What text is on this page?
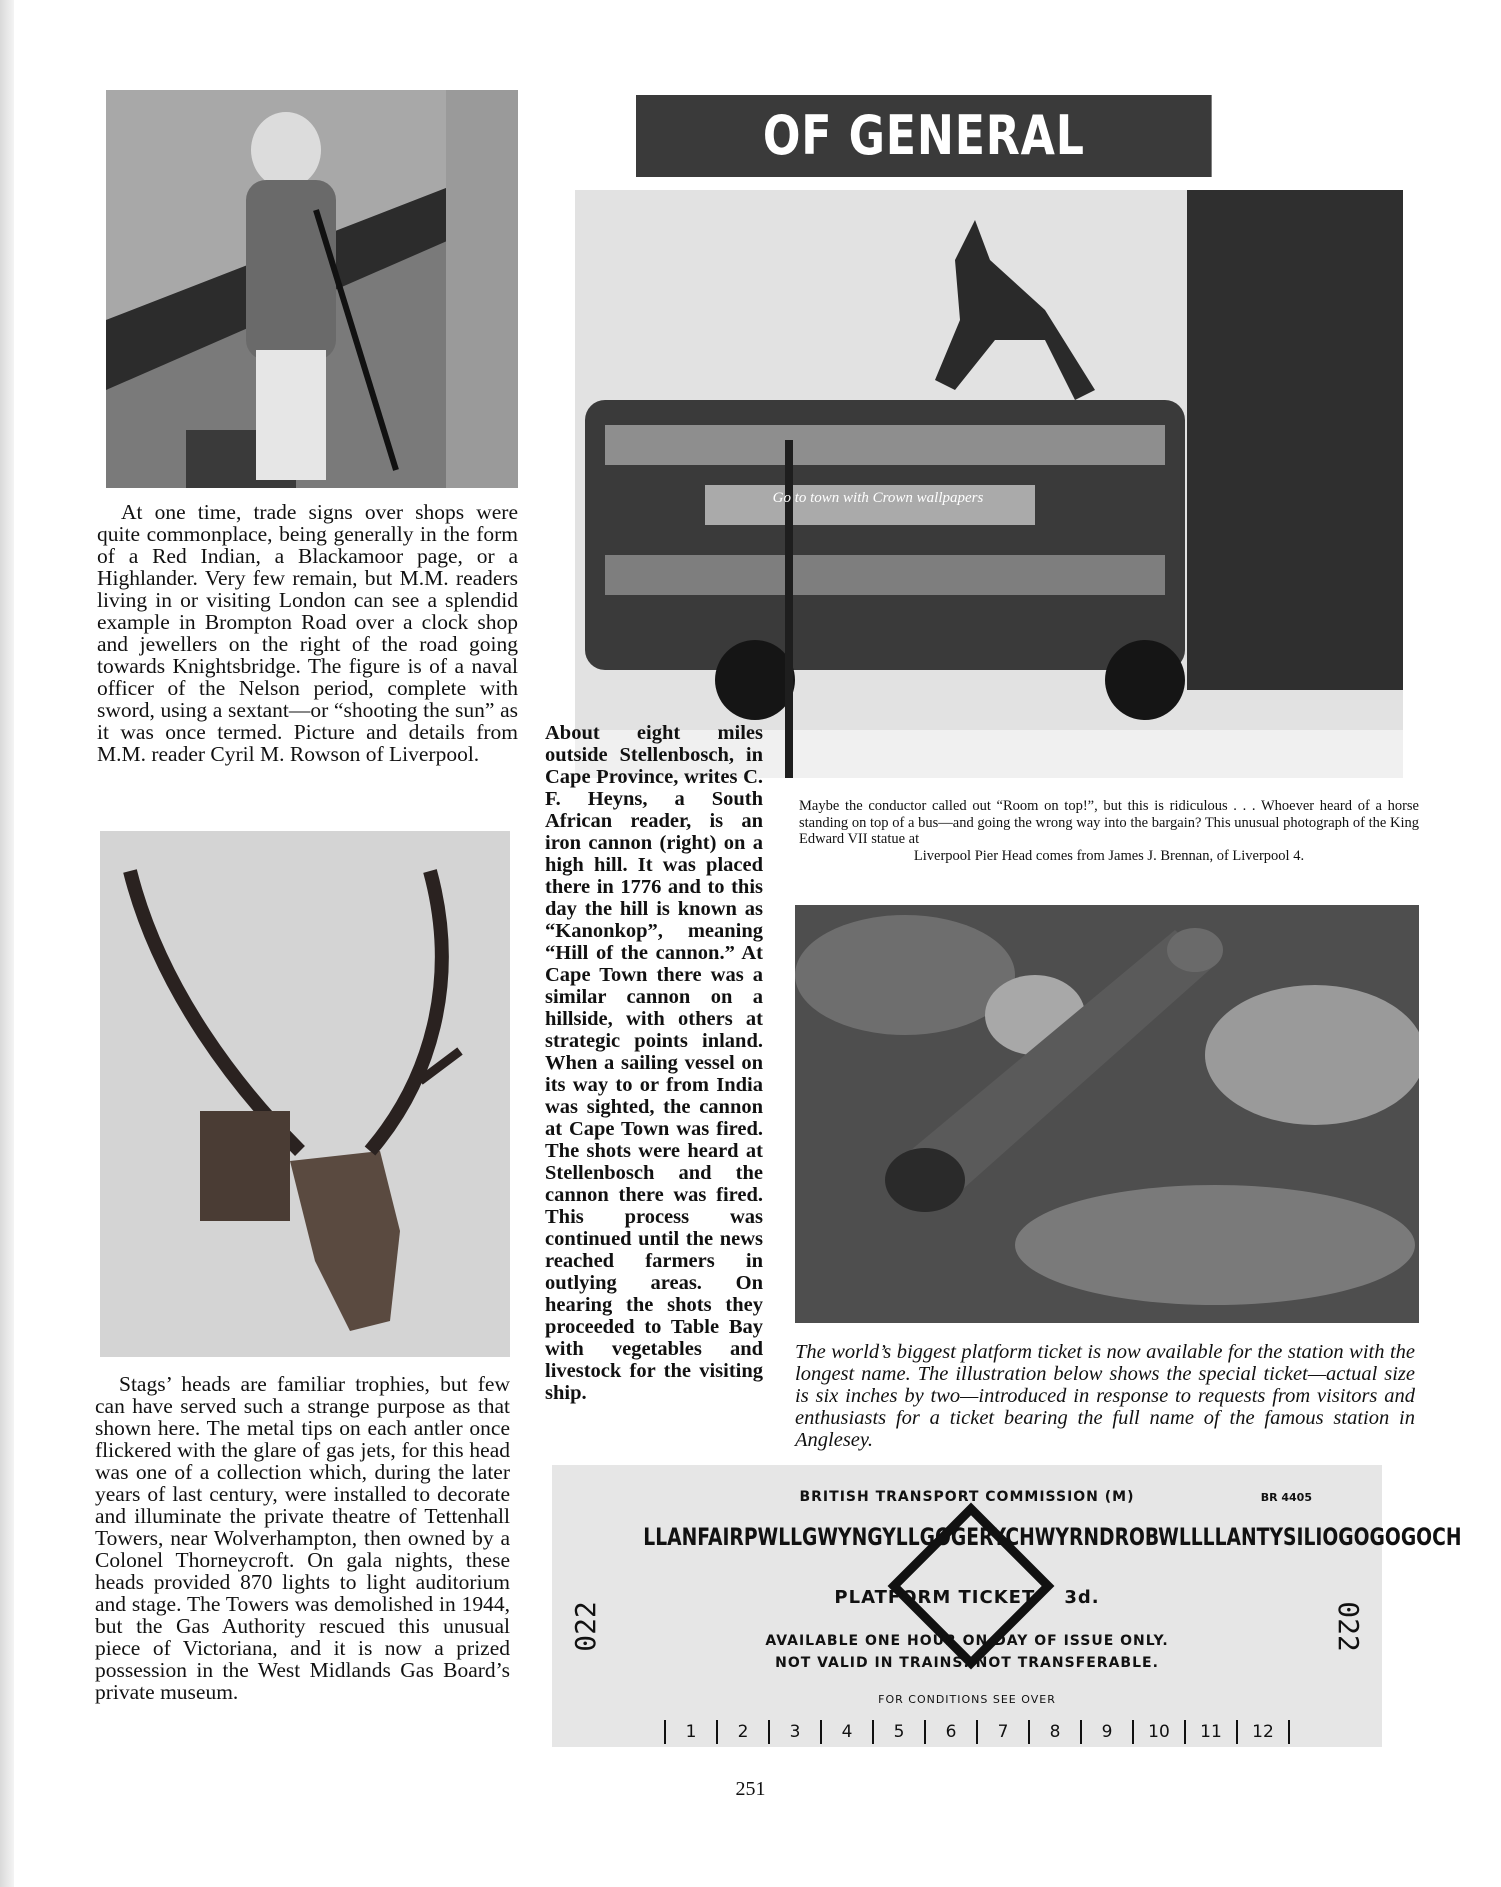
At one time, trade signs over shops were quite commonplace, being generally in the form of a Red Indian, a Blackamoor page, or a Highlander. Very few remain, but M.M. readers living in or visiting London can see a splendid example in Brompton Road over a clock shop and jewellers on the right of the road going towards Knightsbridge. The figure is of a naval officer of the Nelson period, complete with sword, using a sextant—or “shooting the sun” as it was once termed. Picture and details from M.M. reader Cyril M. Rowson of Liverpool.

Stags’ heads are familiar trophies, but few can have served such a strange purpose as that shown here. The metal tips on each antler once flickered with the glare of gas jets, for this head was one of a collection which, during the later years of last century, were installed to decorate and illuminate the private theatre of Tettenhall Towers, near Wolverhampton, then owned by a Colonel Thorneycroft. On gala nights, these heads provided 870 lights to light auditorium and stage. The Towers was demolished in 1944, but the Gas Authority rescued this unusual piece of Victoriana, and it is now a prized possession in the West Midlands Gas Board’s private museum.

OF GENERAL
Go to town with Crown wallpapers
About eight miles outside Stellenbosch, in Cape Province, writes C. F. Heyns, a South African reader, is an iron cannon (right) on a high hill. It was placed there in 1776 and to this day the hill is known as “Kanonkop”, meaning “Hill of the cannon.” At Cape Town there was a similar cannon on a hillside, with others at strategic points inland. When a sailing vessel on its way to or from India was sighted, the cannon at Cape Town was fired. The shots were heard at Stellenbosch and the cannon there was fired. This process was continued until the news reached farmers in outlying areas. On hearing the shots they proceeded to Table Bay with vegetables and livestock for the visiting ship.
Maybe the conductor called out “Room on top!”, but this is ridiculous . . . Whoever heard of a horse standing on top of a bus—and going the wrong way into the bargain? This unusual photograph of the King Edward VII statue at
Liverpool Pier Head comes from James J. Brennan, of Liverpool 4.
The world’s biggest platform ticket is now available for the station with the longest name. The illustration below shows the special ticket—actual size is six inches by two—introduced in response to requests from visitors and enthusiasts for a ticket bearing the full name of the famous station in Anglesey.
BRITISH TRANSPORT COMMISSION (M)	BR 4405
LLANFAIRPWLLGWYNGYLLGOGERYCHWYRNDROBWLLLLANTYSILIOGOGOGOCH
PLATFORM TICKET 3d.
022	022
AVAILABLE ONE HOUR ON DAY OF ISSUE ONLY.
NOT VALID IN TRAINS. NOT TRANSFERABLE.
FOR CONDITIONS SEE OVER
1	2	3	4	5	6	7	8	9	10	11	12
251
